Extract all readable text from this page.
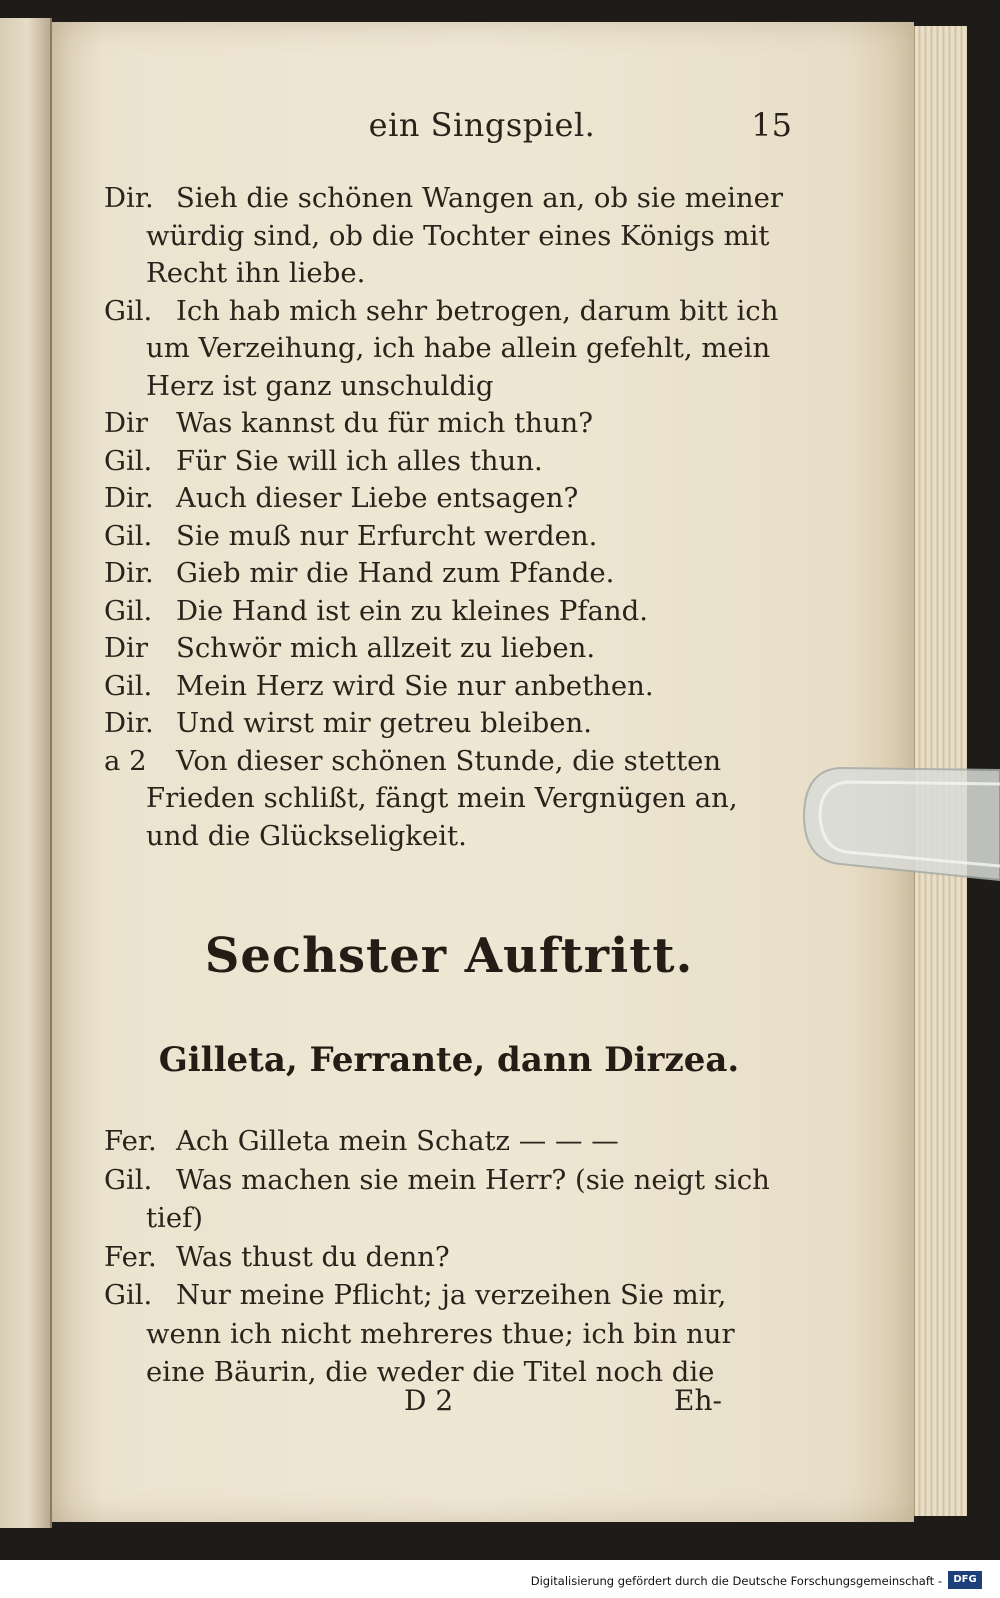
ein Singspiel.	15
Dir. Sieh die schönen Wangen an, ob sie meiner würdig sind, ob die Tochter eines Königs mit Recht ihn liebe.
Gil. Ich hab mich sehr betrogen, darum bitt ich um Verzeihung, ich habe allein gefehlt, mein Herz ist ganz unschuldig
Dir Was kannst du für mich thun?
Gil. Für Sie will ich alles thun.
Dir. Auch dieser Liebe entsagen?
Gil. Sie muß nur Erfurcht werden.
Dir. Gieb mir die Hand zum Pfande.
Gil. Die Hand ist ein zu kleines Pfand.
Dir Schwör mich allzeit zu lieben.
Gil. Mein Herz wird Sie nur anbethen.
Dir. Und wirst mir getreu bleiben.
a 2 Von dieser schönen Stunde, die stetten Frieden schlißt, fängt mein Vergnügen an, und die Glückseligkeit.
Sechster Auftritt.
Gilleta, Ferrante, dann Dirzea.
Fer. Ach Gilleta mein Schatz — — —
Gil. Was machen sie mein Herr? (sie neigt sich tief)
Fer. Was thust du denn?
Gil. Nur meine Pflicht; ja verzeihen Sie mir, wenn ich nicht mehreres thue; ich bin nur eine Bäurin, die weder die Titel noch die
D 2	Eh-
Digitalisierung gefördert durch die Deutsche Forschungsgemeinschaft -	DFG
